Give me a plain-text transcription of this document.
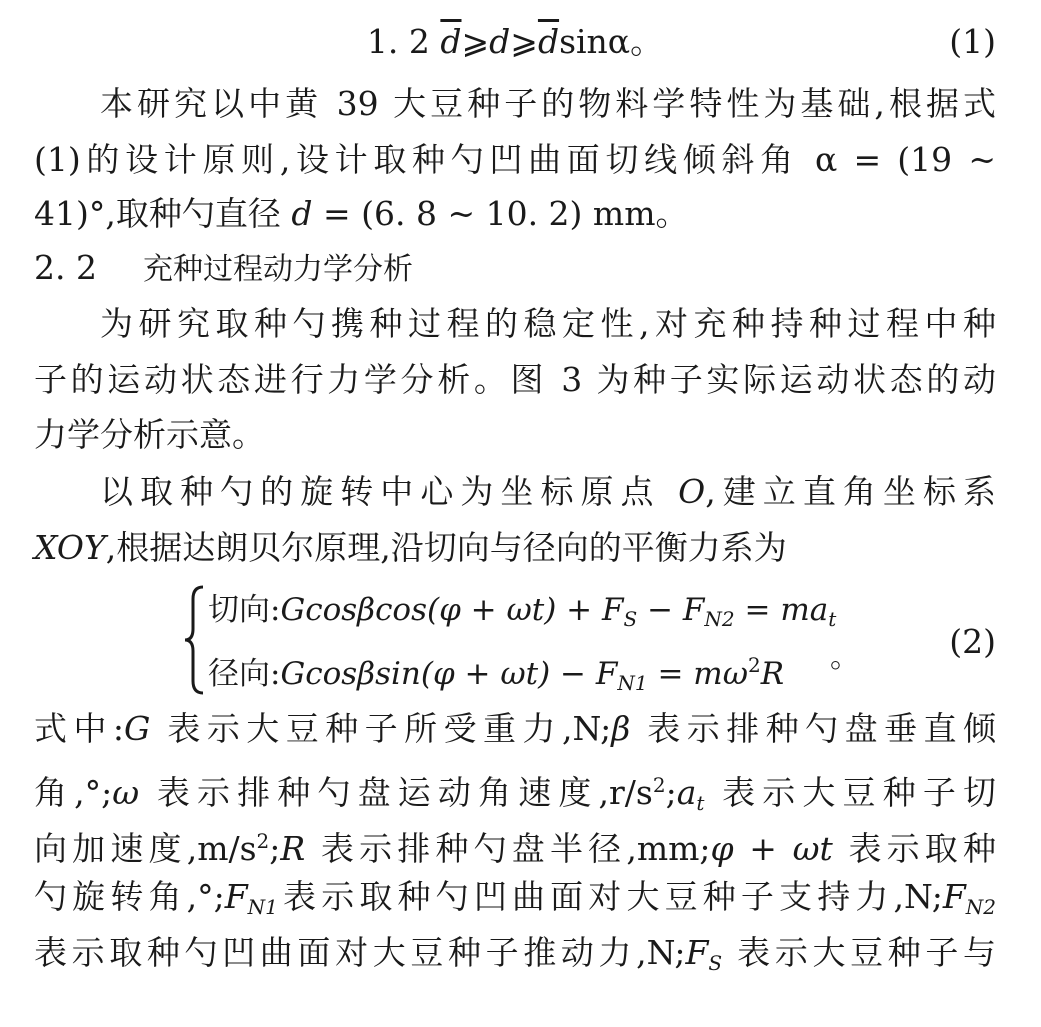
1. 2 $\overline{d}⩾d⩾\overline{d}\sin\alpha$。	(1)
本研究以中黄 39 大豆种子的物料学特性为基础,根据式
(1)的设计原则,设计取种勺凹曲面切线倾斜角 α = (19 ~
41)°,取种勺直径 d = (6. 8 ~ 10. 2) mm。
2. 2 充种过程动力学分析
为研究取种勺携种过程的稳定性,对充种持种过程中种
子的运动状态进行力学分析。图 3 为种子实际运动状态的动
力学分析示意。
以取种勺的旋转中心为坐标原点 O,建立直角坐标系
XOY,根据达朗贝尔原理,沿切向与径向的平衡力系为
切向:Gcosβcos(φ + $\omega t) + F_S - F_{N2} = ma_t$
径向:Gcosβsin(φ + $\omega t) - F_{N1} = m\omega^2R$ 。	(2)
式中:G 表示大豆种子所受重力,N;β 表示排种勺盘垂直倾
角,°;ω 表示排种勺盘运动角速度$,r/s^2;a_t$ 表示大豆种子切
向加速度$,m/s^2;R$ 表示排种勺盘半径,mm;φ + ωt 表示取种
勺旋转角$,^\circ;F_{N1}$表示取种勺凹曲面对大豆种子支持力$,N;F_{N2}$
表示取种勺凹曲面对大豆种子推动力$,N;F_S$ 表示大豆种子与
